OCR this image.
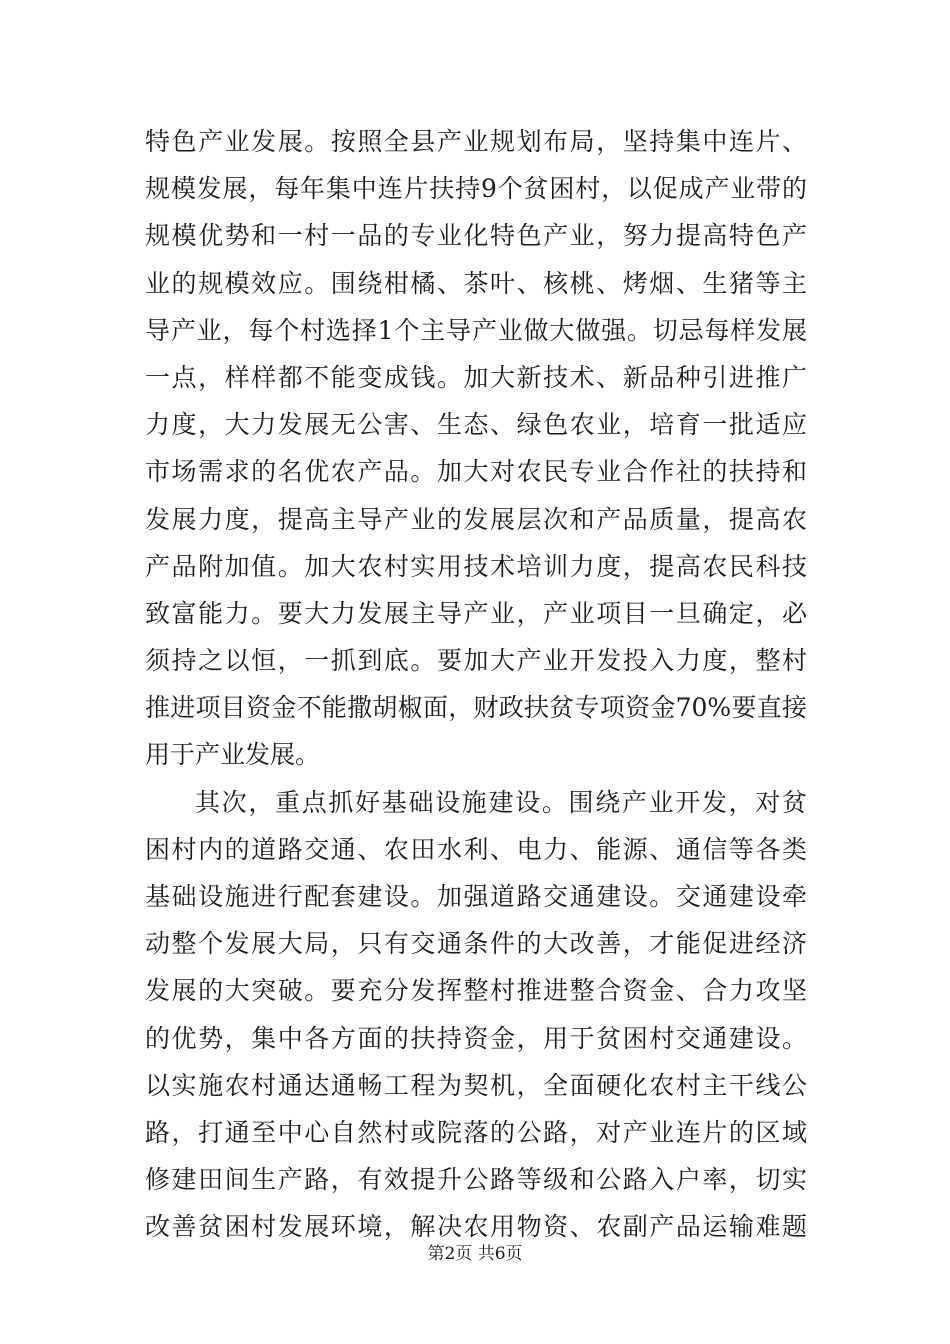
特色产业发展。按照全县产业规划布局，坚持集中连片、
规模发展，每年集中连片扶持9个贫困村，以促成产业带的
规模优势和一村一品的专业化特色产业，努力提高特色产
业的规模效应。围绕柑橘、茶叶、核桃、烤烟、生猪等主
导产业，每个村选择1个主导产业做大做强。切忌每样发展
一点，样样都不能变成钱。加大新技术、新品种引进推广
力度，大力发展无公害、生态、绿色农业，培育一批适应
市场需求的名优农产品。加大对农民专业合作社的扶持和
发展力度，提高主导产业的发展层次和产品质量，提高农
产品附加值。加大农村实用技术培训力度，提高农民科技
致富能力。要大力发展主导产业，产业项目一旦确定，必
须持之以恒，一抓到底。要加大产业开发投入力度，整村
推进项目资金不能撒胡椒面，财政扶贫专项资金70%要直接
用于产业发展。
其次，重点抓好基础设施建设。围绕产业开发，对贫
困村内的道路交通、农田水利、电力、能源、通信等各类
基础设施进行配套建设。加强道路交通建设。交通建设牵
动整个发展大局，只有交通条件的大改善，才能促进经济
发展的大突破。要充分发挥整村推进整合资金、合力攻坚
的优势，集中各方面的扶持资金，用于贫困村交通建设。
以实施农村通达通畅工程为契机，全面硬化农村主干线公
路，打通至中心自然村或院落的公路，对产业连片的区域
修建田间生产路，有效提升公路等级和公路入户率，切实
改善贫困村发展环境，解决农用物资、农副产品运输难题
第2页 共6页
